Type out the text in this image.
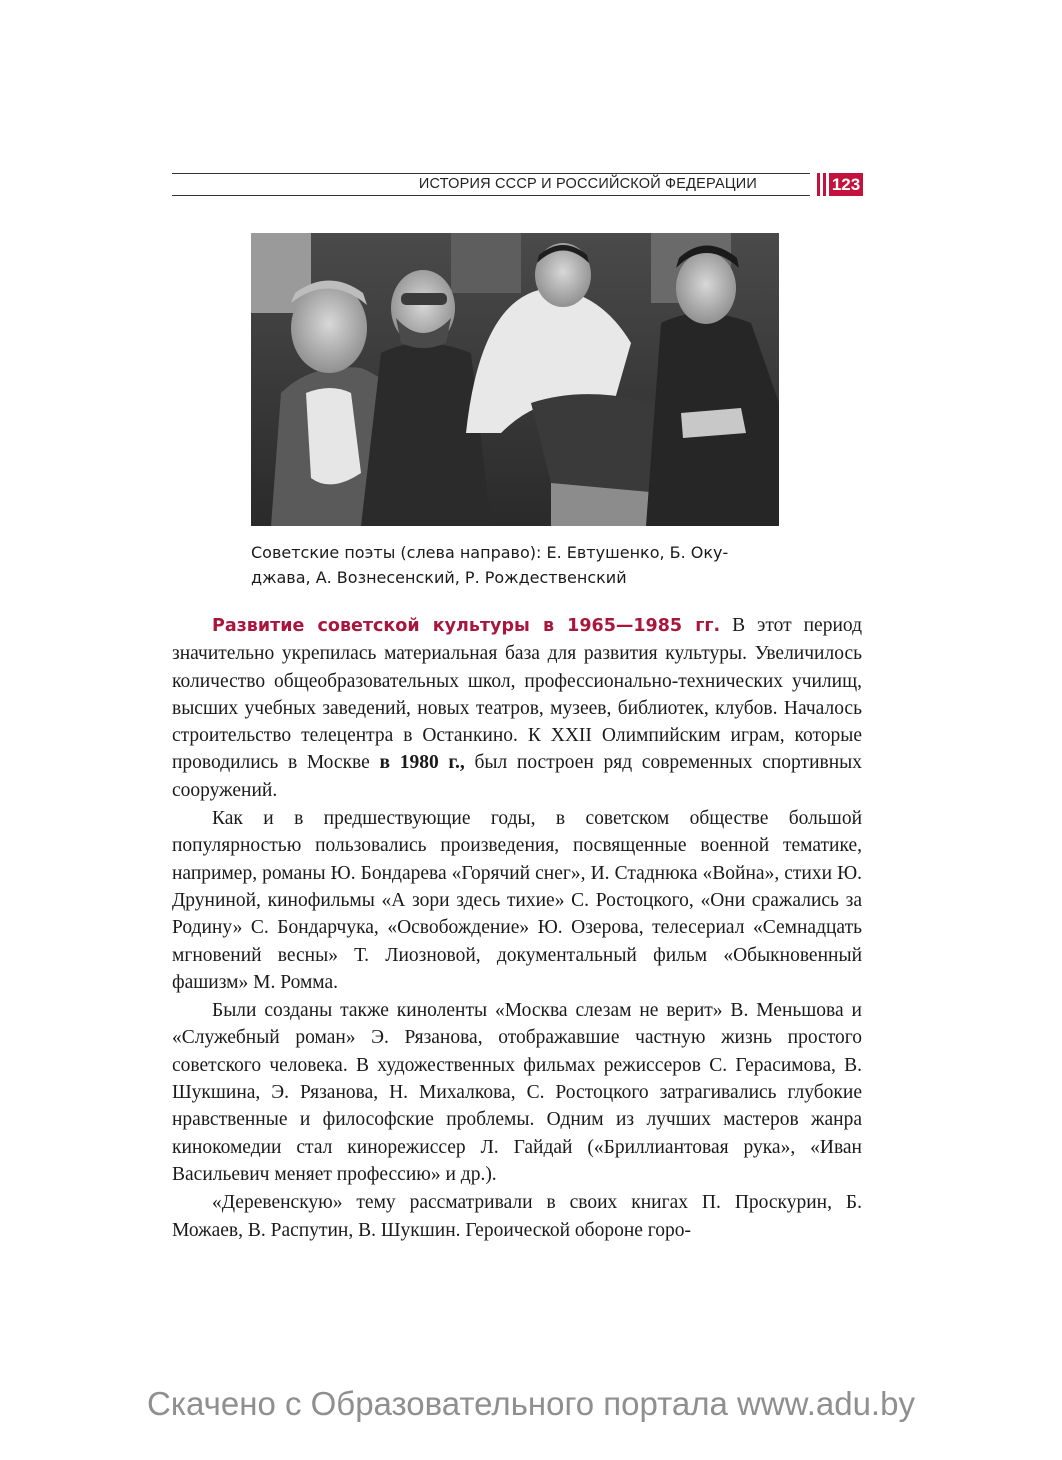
ИСТОРИЯ СССР И РОССИЙСКОЙ ФЕДЕРАЦИИ	123
Советские поэты (слева направо): Е. Евтушенко, Б. Оку-
джава, А. Вознесенский, Р. Рождественский

Развитие советской культуры в 1965—1985 гг. В этот период значительно укрепилась материальная база для развития культуры. Увеличилось количество общеобразовательных школ, профессионально-технических училищ, высших учебных заведений, новых театров, музеев, библиотек, клубов. Началось строительство телецентра в Останкино. К XXII Олимпийским играм, которые проводились в Москве в 1980 г., был построен ряд современных спортивных сооружений.

Как и в предшествующие годы, в советском обществе большой популярностью пользовались произведения, посвященные военной тематике, например, романы Ю. Бондарева «Горячий снег», И. Стаднюка «Война», стихи Ю. Друниной, кинофильмы «А зори здесь тихие» С. Ростоцкого, «Они сражались за Родину» С. Бондарчука, «Освобождение» Ю. Озерова, телесериал «Семнадцать мгновений весны» Т. Лиозновой, документальный фильм «Обыкновенный фашизм» М. Ромма.

Были созданы также киноленты «Москва слезам не верит» В. Меньшова и «Служебный роман» Э. Рязанова, отображавшие частную жизнь простого советского человека. В художественных фильмах режиссеров С. Герасимова, В. Шукшина, Э. Рязанова, Н. Михалкова, С. Ростоцкого затрагивались глубокие нравственные и философские проблемы. Одним из лучших мастеров жанра кинокомедии стал кинорежиссер Л. Гайдай («Бриллиантовая рука», «Иван Васильевич меняет профессию» и др.).

«Деревенскую» тему рассматривали в своих книгах П. Проскурин, Б. Можаев, В. Распутин, В. Шукшин. Героической обороне горо-

Скачено с Образовательного портала www.adu.by
